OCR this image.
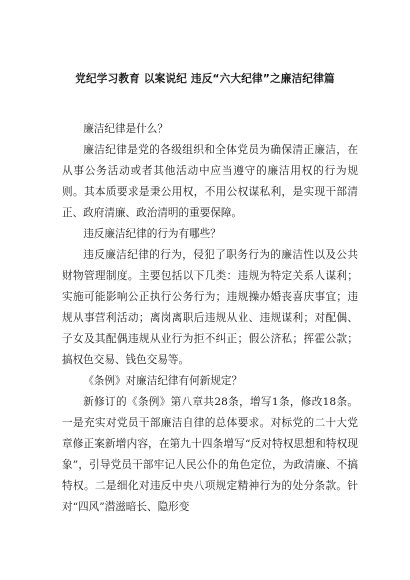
党纪学习教育 以案说纪 违反“六大纪律”之廉洁纪律篇

廉洁纪律是什么？

廉洁纪律是党的各级组织和全体党员为确保清正廉洁，在从事公务活动或者其他活动中应当遵守的廉洁用权的行为规则。其本质要求是秉公用权，不用公权谋私利，是实现干部清正、政府清廉、政治清明的重要保障。

违反廉洁纪律的行为有哪些？

违反廉洁纪律的行为，侵犯了职务行为的廉洁性以及公共财物管理制度。主要包括以下几类：违规为特定关系人谋利；实施可能影响公正执行公务行为；违规操办婚丧喜庆事宜；违规从事营利活动；离岗离职后违规从业、违规谋利；对配偶、子女及其配偶违规从业行为拒不纠正；假公济私；挥霍公款；搞权色交易、钱色交易等。

《条例》对廉洁纪律有何新规定？

新修订的《条例》第八章共28条，增写1条，修改18条。一是充实对党员干部廉洁自律的总体要求。对标党的二十大党章修正案新增内容，在第九十四条增写“反对特权思想和特权现象”，引导党员干部牢记人民公仆的角色定位，为政清廉、不搞特权。二是细化对违反中央八项规定精神行为的处分条款。针对“四风”潜滋暗长、隐形变
